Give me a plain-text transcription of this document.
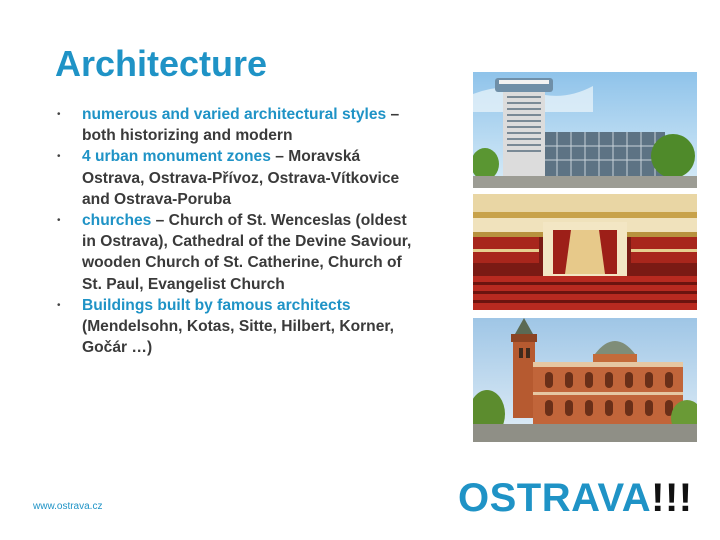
Architecture
• numerous and varied architectural styles – both historizing and modern
• 4 urban monument zones – Moravská Ostrava, Ostrava-Přívoz, Ostrava-Vítkovice and Ostrava-Poruba
• churches – Church of St. Wenceslas (oldest in Ostrava), Cathedral of the Devine Saviour, wooden Church of St. Catherine, Church of St. Paul, Evangelist Church
• Buildings built by famous architects (Mendelsohn, Kotas, Sitte, Hilbert, Korner, Gočár …)
www.ostrava.cz	OSTRAVA!!!
